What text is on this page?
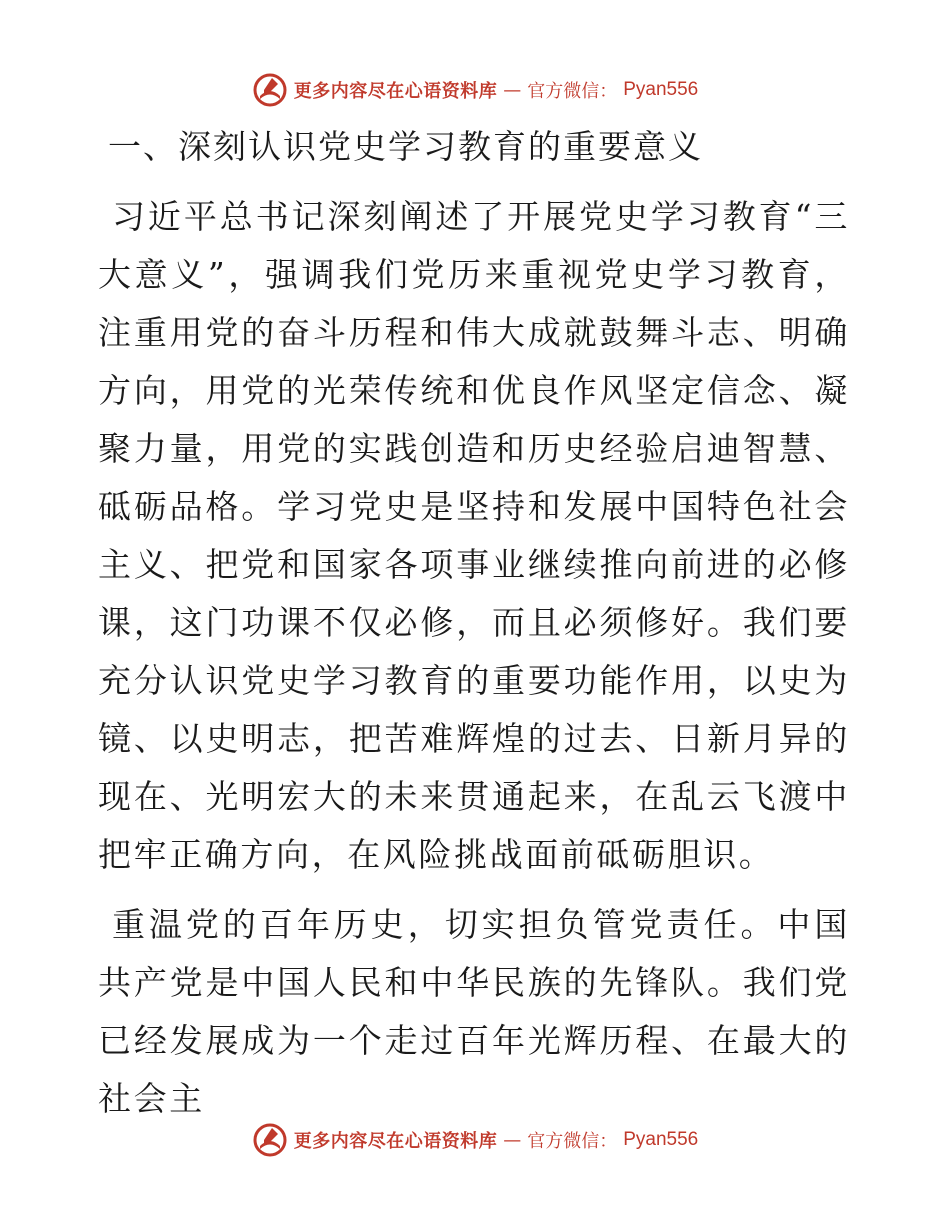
更多内容尽在心语资料库 — 官方微信： Pyan556
一、深刻认识党史学习教育的重要意义

习近平总书记深刻阐述了开展党史学习教育“三大意义”，强调我们党历来重视党史学习教育，注重用党的奋斗历程和伟大成就鼓舞斗志、明确方向，用党的光荣传统和优良作风坚定信念、凝聚力量，用党的实践创造和历史经验启迪智慧、砥砺品格。学习党史是坚持和发展中国特色社会主义、把党和国家各项事业继续推向前进的必修课，这门功课不仅必修，而且必须修好。我们要充分认识党史学习教育的重要功能作用，以史为镜、以史明志，把苦难辉煌的过去、日新月异的现在、光明宏大的未来贯通起来，在乱云飞渡中把牢正确方向，在风险挑战面前砥砺胆识。

重温党的百年历史，切实担负管党责任。中国共产党是中国人民和中华民族的先锋队。我们党已经发展成为一个走过百年光辉历程、在最大的社会主

更多内容尽在心语资料库 — 官方微信： Pyan556
